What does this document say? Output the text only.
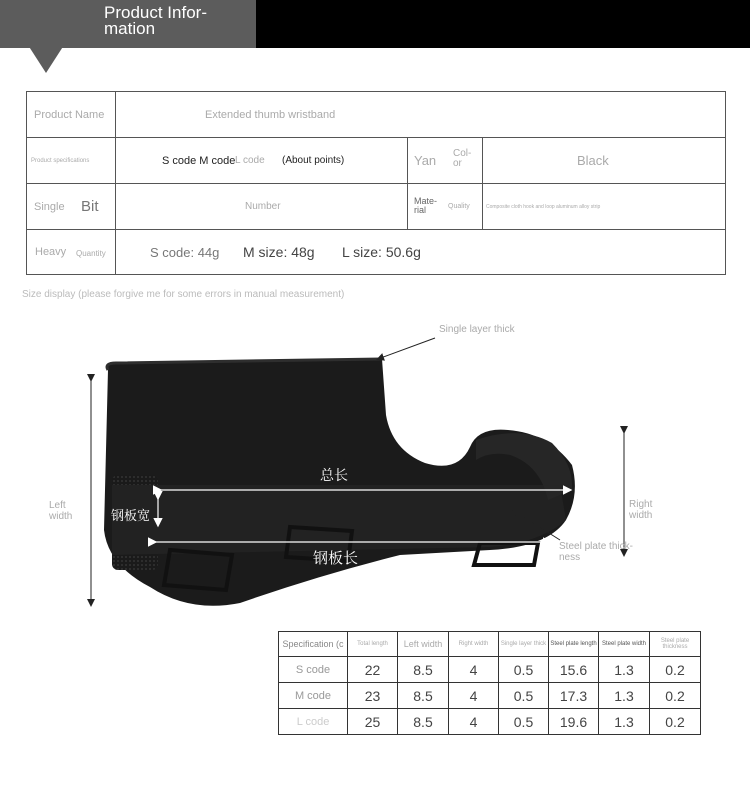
Product Infor-mation
Product Name	Extended thumb wristband
Product specifications	S code M code L code (About points)	Yan Col-or	Black
Single Bit	Number	Mate-rial	Quality	Composite cloth hook and loop aluminum alloy strip
Heavy Quantity	S code: 44g M size: 48g L size: 50.6g
Size display (please forgive me for some errors in manual measurement)
Single layer thick
Left width
Right width
Steel plate thick-ness
总长
钢板宽
钢板长
Specification (c	Total length	Left width	Right width	Single layer thick	Steel plate length	Steel plate width	Steel plate thickness
S code	22	8.5	4	0.5	15.6	1.3	0.2
M code	23	8.5	4	0.5	17.3	1.3	0.2
L code	25	8.5	4	0.5	19.6	1.3	0.2
